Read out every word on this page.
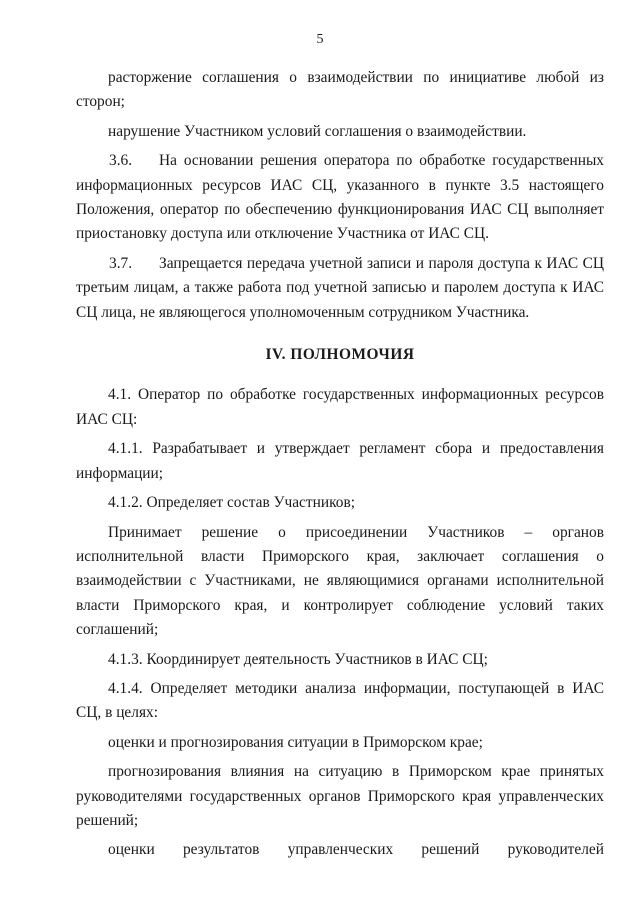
5

расторжение соглашения о взаимодействии по инициативе любой из сторон;

нарушение Участником условий соглашения о взаимодействии.

3.6. На основании решения оператора по обработке государственных информационных ресурсов ИАС СЦ, указанного в пункте 3.5 настоящего Положения, оператор по обеспечению функционирования ИАС СЦ выполняет приостановку доступа или отключение Участника от ИАС СЦ.

3.7. Запрещается передача учетной записи и пароля доступа к ИАС СЦ третьим лицам, а также работа под учетной записью и паролем доступа к ИАС СЦ лица, не являющегося уполномоченным сотрудником Участника.

IV. ПОЛНОМОЧИЯ

4.1. Оператор по обработке государственных информационных ресурсов ИАС СЦ:

4.1.1. Разрабатывает и утверждает регламент сбора и предоставления информации;

4.1.2. Определяет состав Участников;

Принимает решение о присоединении Участников – органов исполнительной власти Приморского края, заключает соглашения о взаимодействии с Участниками, не являющимися органами исполнительной власти Приморского края, и контролирует соблюдение условий таких соглашений;

4.1.3. Координирует деятельность Участников в ИАС СЦ;

4.1.4. Определяет методики анализа информации, поступающей в ИАС СЦ, в целях:

оценки и прогнозирования ситуации в Приморском крае;

прогнозирования влияния на ситуацию в Приморском крае принятых руководителями государственных органов Приморского края управленческих решений;

оценки результатов управленческих решений руководителей
